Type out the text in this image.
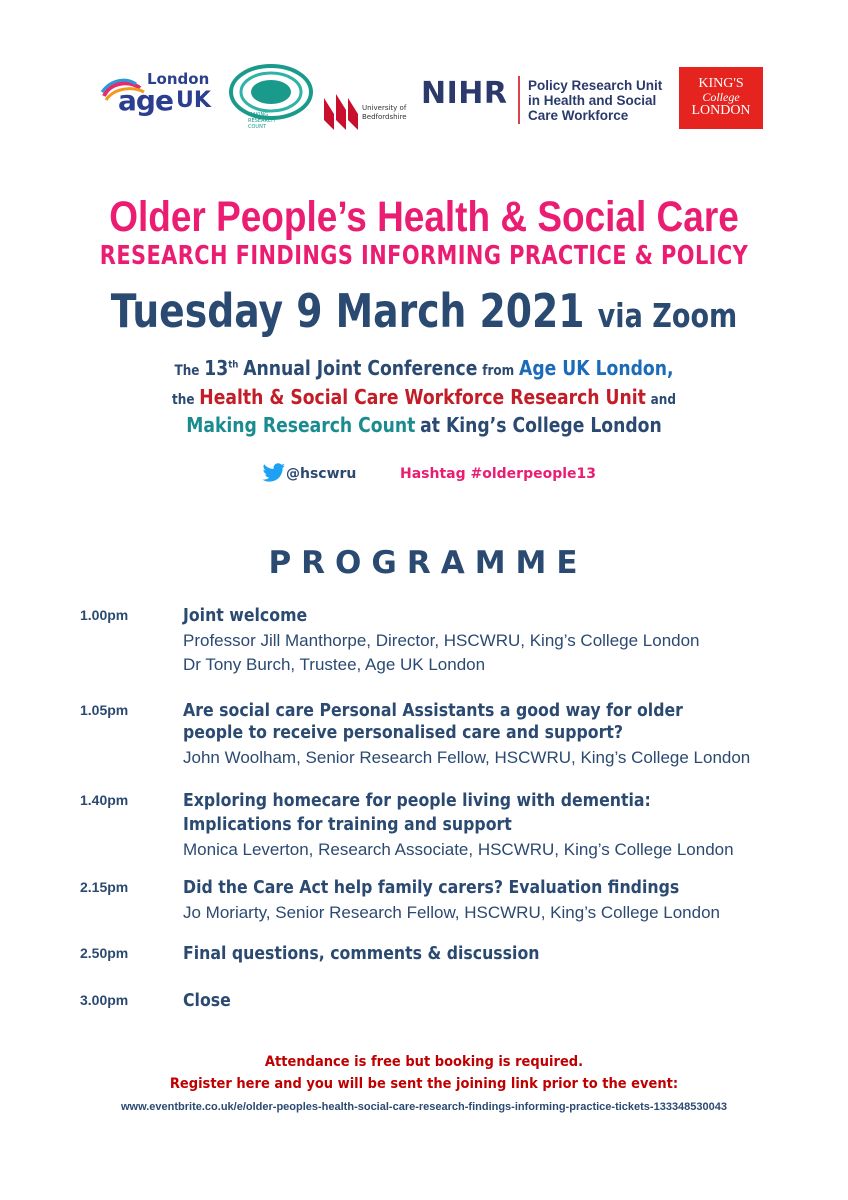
London
age UK
MAKING RESEARCH COUNT
University of Bedfordshire
NIHR Policy Research Unit
in Health and Social
Care Workforce
KING'S
College
LONDON
Older People’s Health & Social Care
RESEARCH FINDINGS INFORMING PRACTICE & POLICY
Tuesday 9 March 2021 via Zoom
The 13th Annual Joint Conference from Age UK London,
the Health & Social Care Workforce Research Unit and
Making Research Count at King’s College London
@hscwru	Hashtag #olderpeople13
PROGRAMME
1.00pm	Joint welcome
Professor Jill Manthorpe, Director, HSCWRU, King’s College London
Dr Tony Burch, Trustee, Age UK London
1.05pm	Are social care Personal Assistants a good way for older
people to receive personalised care and support?
John Woolham, Senior Research Fellow, HSCWRU, King’s College London
1.40pm	Exploring homecare for people living with dementia:
Implications for training and support
Monica Leverton, Research Associate, HSCWRU, King’s College London
2.15pm	Did the Care Act help family carers? Evaluation findings
Jo Moriarty, Senior Research Fellow, HSCWRU, King’s College London
2.50pm	Final questions, comments & discussion
3.00pm	Close
Attendance is free but booking is required.
Register here and you will be sent the joining link prior to the event:
www.eventbrite.co.uk/e/older-peoples-health-social-care-research-findings-informing-practice-tickets-133348530043
